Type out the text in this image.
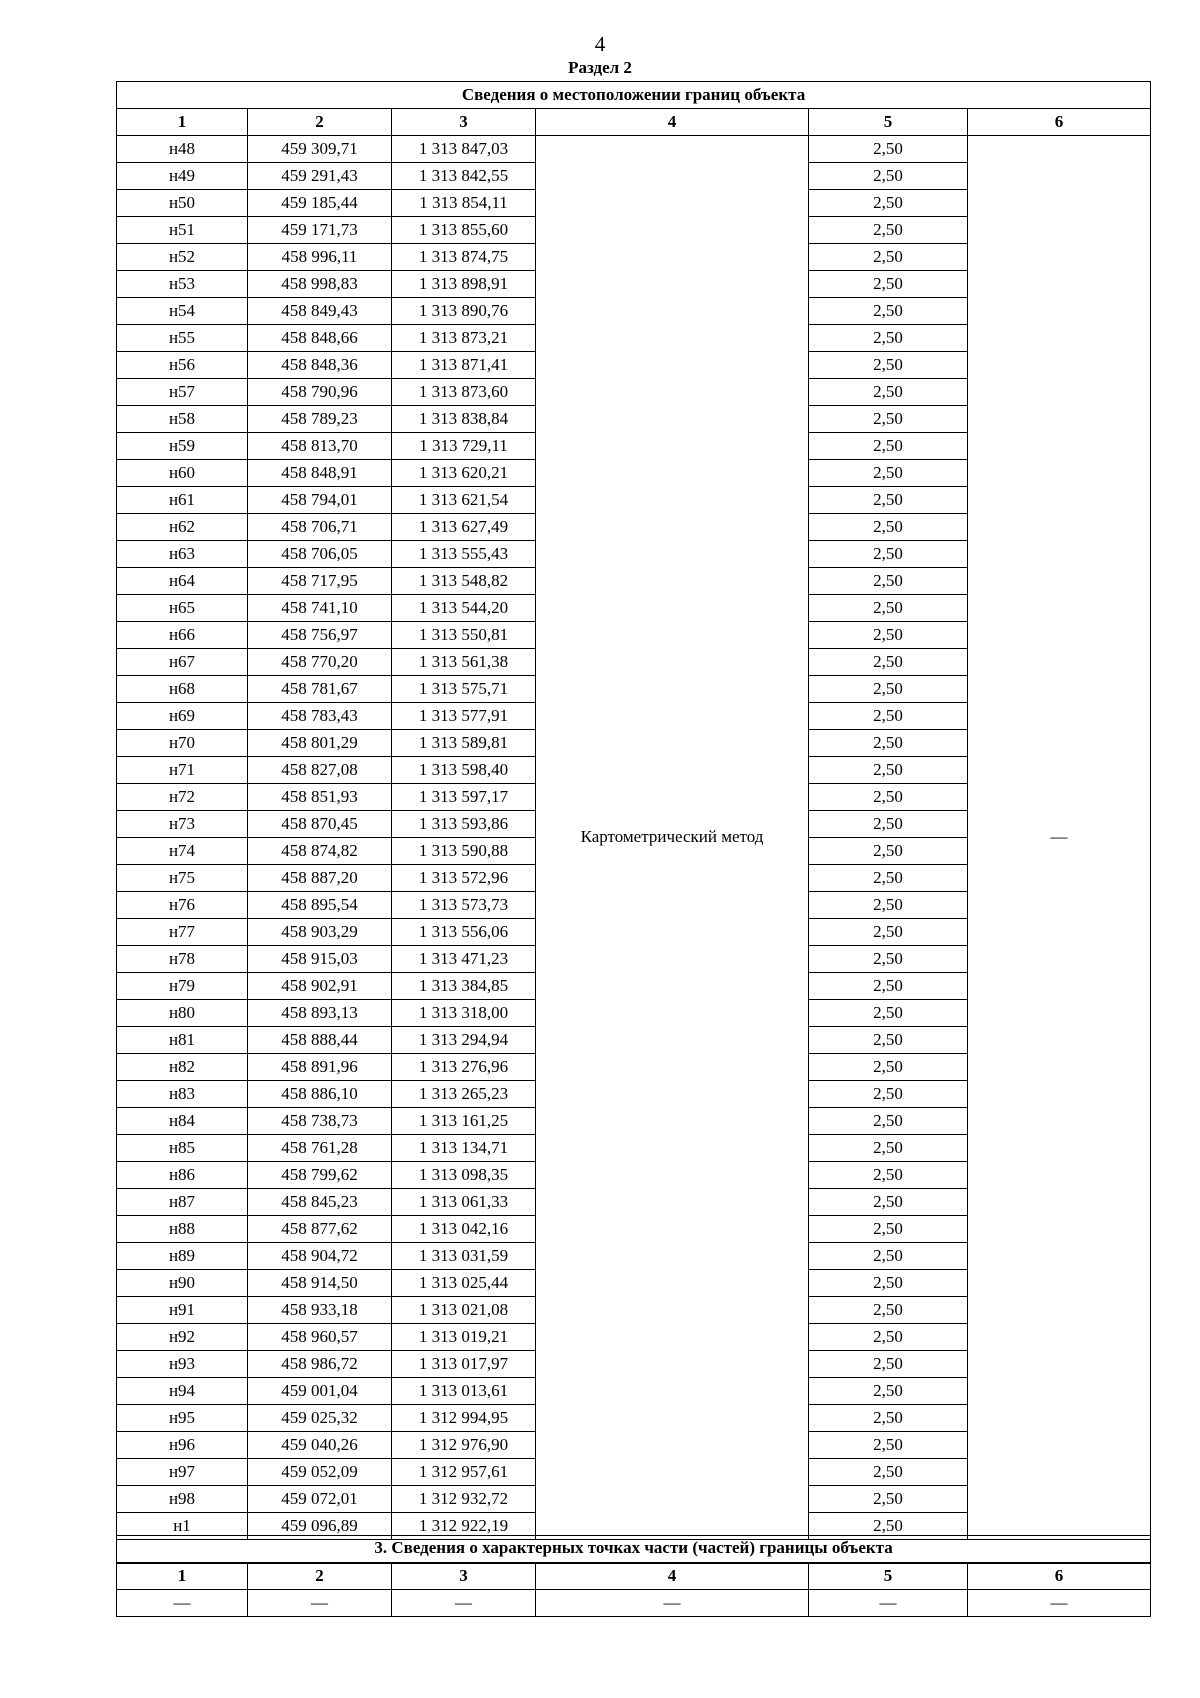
4
Раздел 2
Сведения о местоположении границ объекта					
1	2	3	4	5	6
н48	459 309,71	1 313 847,03	Картометрический метод	2,50	—
н49	459 291,43	1 313 842,55		2,50	
н50	459 185,44	1 313 854,11		2,50	
н51	459 171,73	1 313 855,60		2,50	
н52	458 996,11	1 313 874,75		2,50	
н53	458 998,83	1 313 898,91		2,50	
н54	458 849,43	1 313 890,76		2,50	
н55	458 848,66	1 313 873,21		2,50	
н56	458 848,36	1 313 871,41		2,50	
н57	458 790,96	1 313 873,60		2,50	
н58	458 789,23	1 313 838,84		2,50	
н59	458 813,70	1 313 729,11		2,50	
н60	458 848,91	1 313 620,21		2,50	
н61	458 794,01	1 313 621,54		2,50	
н62	458 706,71	1 313 627,49		2,50	
н63	458 706,05	1 313 555,43		2,50	
н64	458 717,95	1 313 548,82		2,50	
н65	458 741,10	1 313 544,20		2,50	
н66	458 756,97	1 313 550,81		2,50	
н67	458 770,20	1 313 561,38		2,50	
н68	458 781,67	1 313 575,71		2,50	
н69	458 783,43	1 313 577,91		2,50	
н70	458 801,29	1 313 589,81		2,50	
н71	458 827,08	1 313 598,40		2,50	
н72	458 851,93	1 313 597,17		2,50	
н73	458 870,45	1 313 593,86		2,50	
н74	458 874,82	1 313 590,88		2,50	
н75	458 887,20	1 313 572,96		2,50	
н76	458 895,54	1 313 573,73		2,50	
н77	458 903,29	1 313 556,06		2,50	
н78	458 915,03	1 313 471,23		2,50	
н79	458 902,91	1 313 384,85		2,50	
н80	458 893,13	1 313 318,00		2,50	
н81	458 888,44	1 313 294,94		2,50	
н82	458 891,96	1 313 276,96		2,50	
н83	458 886,10	1 313 265,23		2,50	
н84	458 738,73	1 313 161,25		2,50	
н85	458 761,28	1 313 134,71		2,50	
н86	458 799,62	1 313 098,35		2,50	
н87	458 845,23	1 313 061,33		2,50	
н88	458 877,62	1 313 042,16		2,50	
н89	458 904,72	1 313 031,59		2,50	
н90	458 914,50	1 313 025,44		2,50	
н91	458 933,18	1 313 021,08		2,50	
н92	458 960,57	1 313 019,21		2,50	
н93	458 986,72	1 313 017,97		2,50	
н94	459 001,04	1 313 013,61		2,50	
н95	459 025,32	1 312 994,95		2,50	
н96	459 040,26	1 312 976,90		2,50	
н97	459 052,09	1 312 957,61		2,50	
н98	459 072,01	1 312 932,72		2,50	
н1	459 096,89	1 312 922,19		2,50	
3. Сведения о характерных точках части (частей) границы объекта					
1	2	3	4	5	6
—	—	—	—	—	—
